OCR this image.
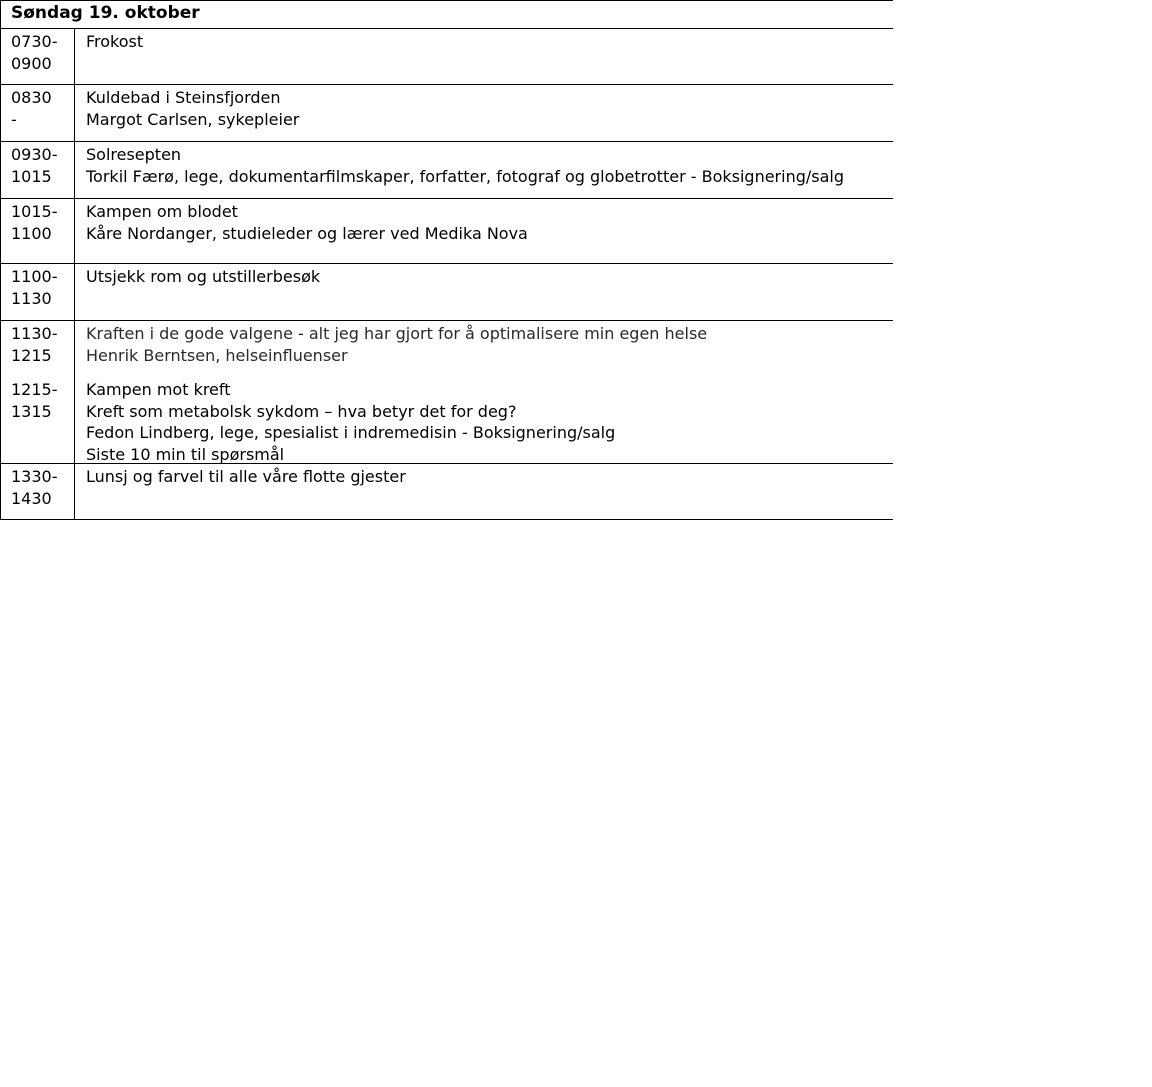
Søndag 19. oktober
0730-
0900
Frokost
0830
-
Kuldebad i Steinsfjorden
Margot Carlsen, sykepleier
0930-
1015
Solresepten
Torkil Færø, lege, dokumentarfilmskaper, forfatter, fotograf og globetrotter - Boksignering/salg
1015-
1100
Kampen om blodet
Kåre Nordanger, studieleder og lærer ved Medika Nova
1100-
1130
Utsjekk rom og utstillerbesøk
1130-
1215
1215-
1315
Kraften i de gode valgene - alt jeg har gjort for å optimalisere min egen helse
Henrik Berntsen, helseinfluenser
Kampen mot kreft
Kreft som metabolsk sykdom – hva betyr det for deg?
Fedon Lindberg, lege, spesialist i indremedisin - Boksignering/salg
Siste 10 min til spørsmål
1330-
1430
Lunsj og farvel til alle våre flotte gjester
